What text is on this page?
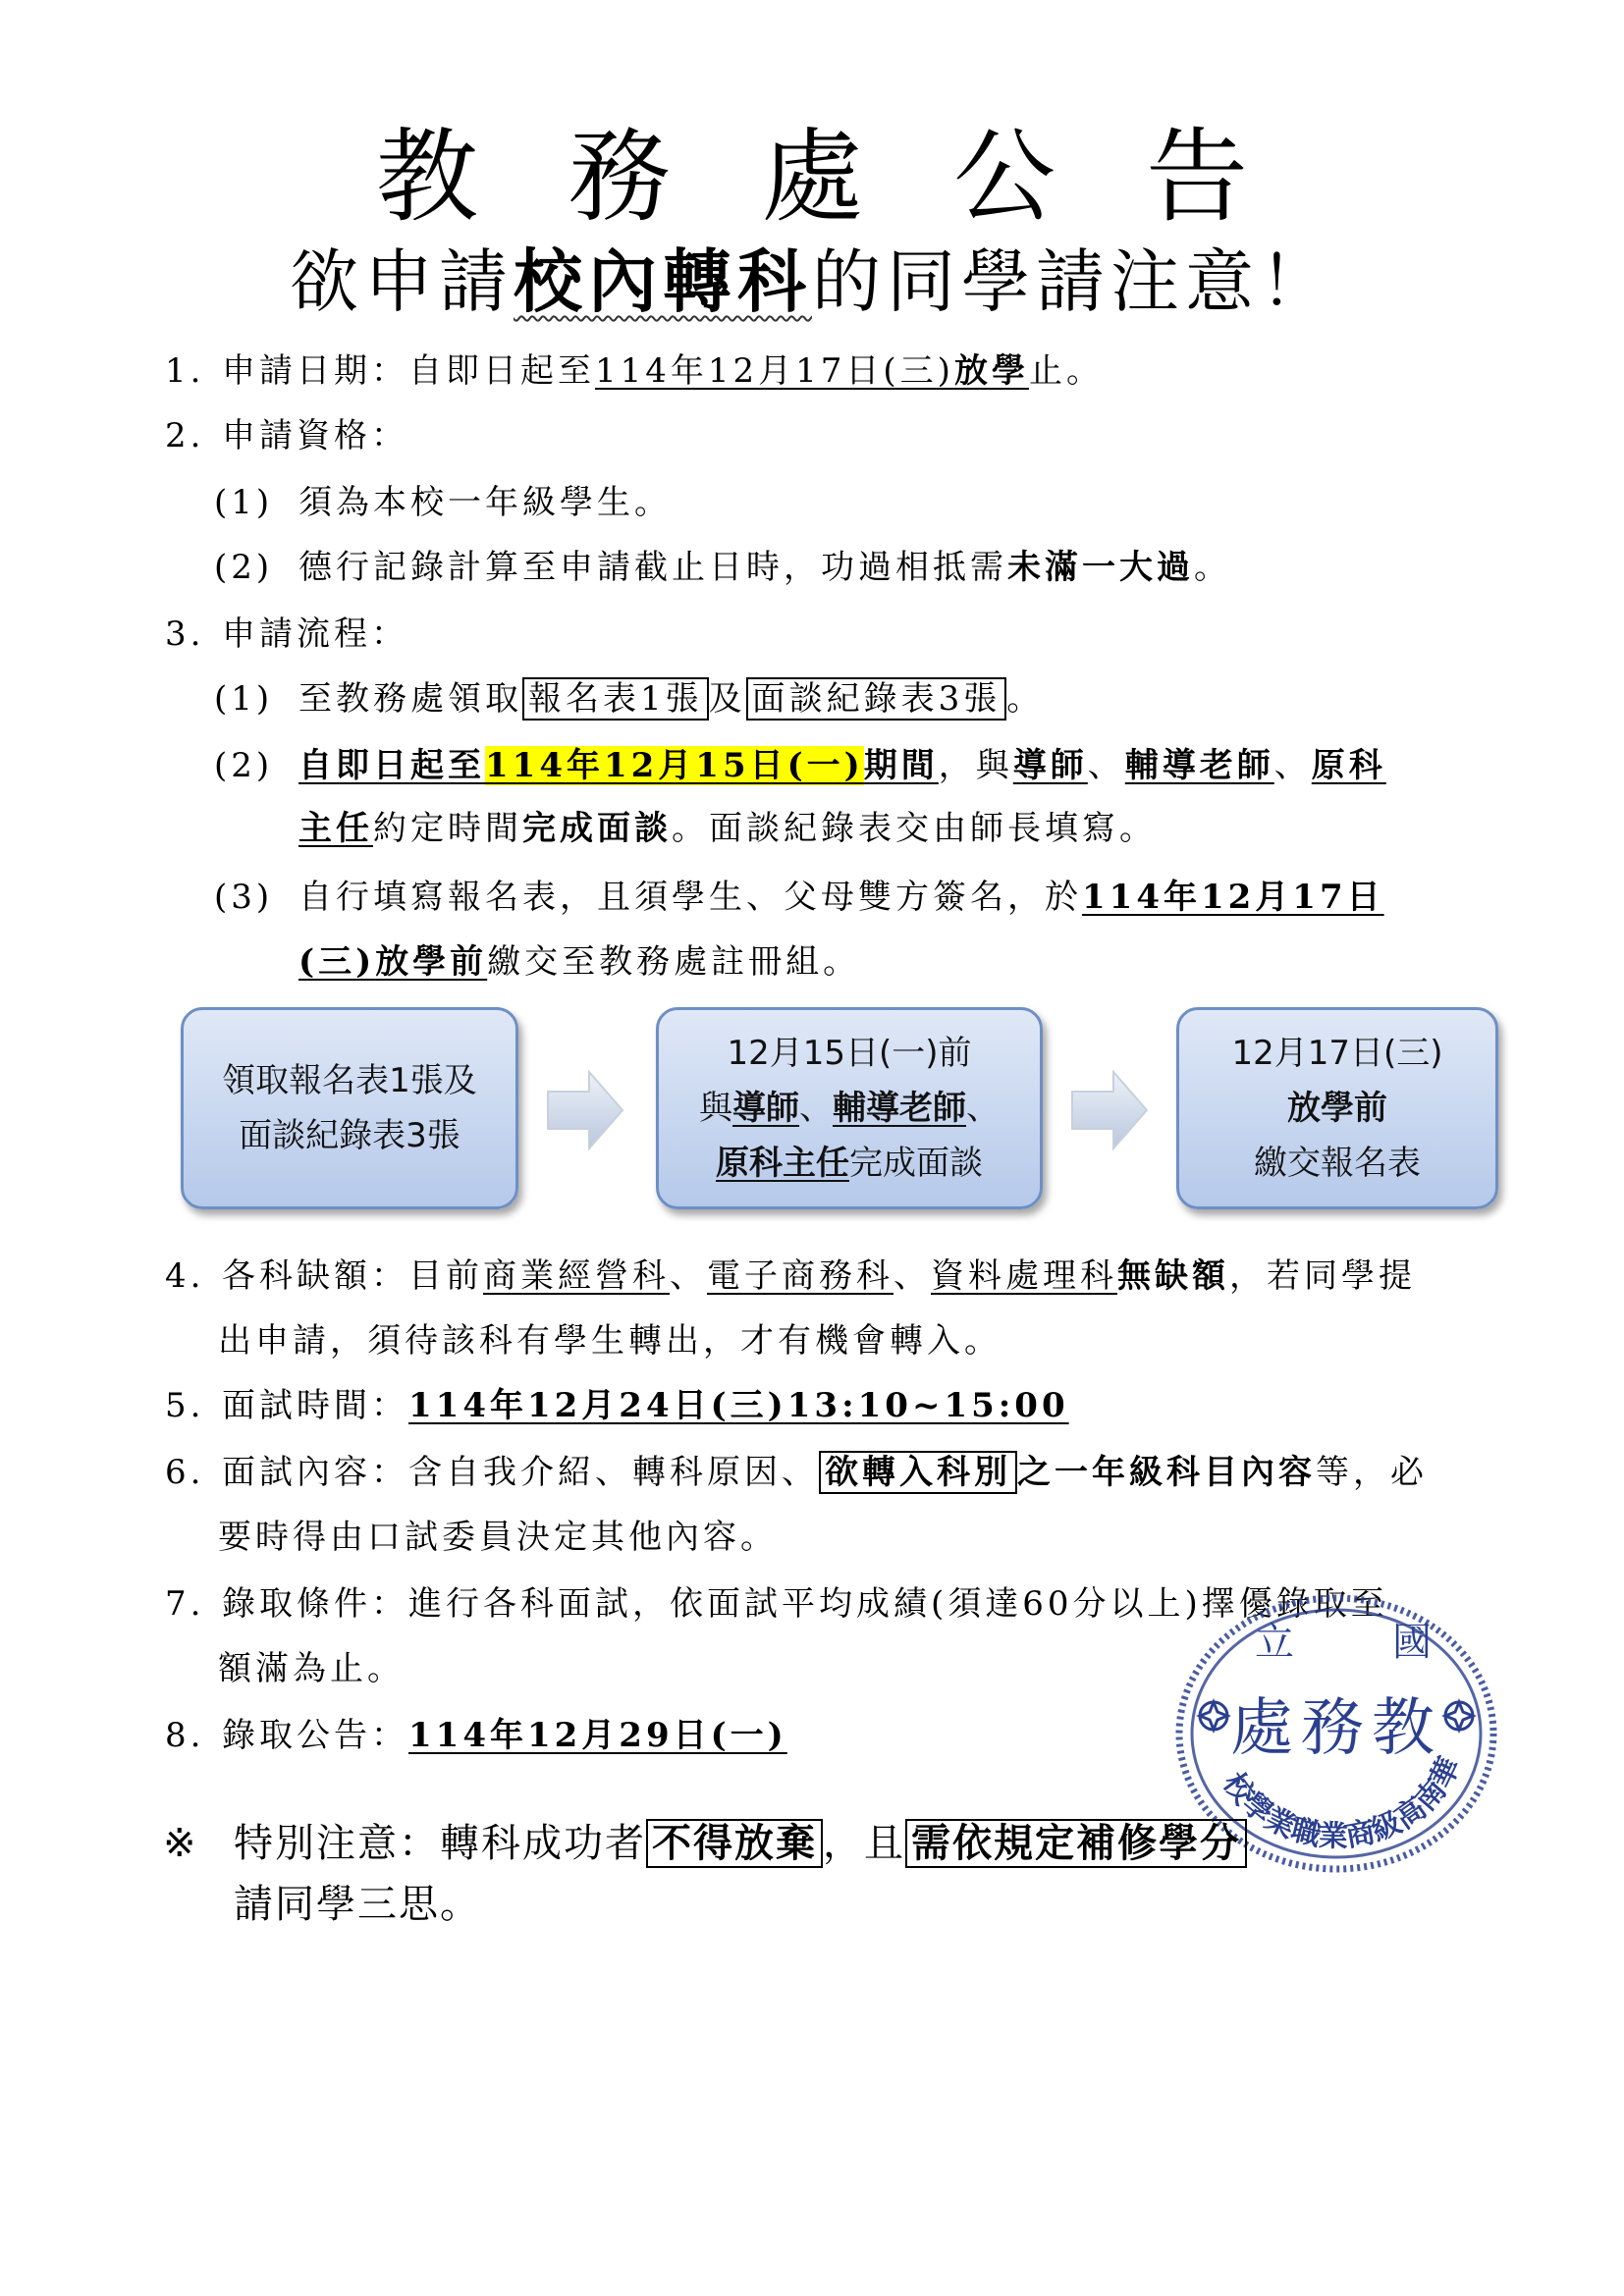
教務處公告
欲申請校內轉科的同學請注意！
1. 申請日期：自即日起至114年12月17日(三)放學止。
2. 申請資格：
(1) 須為本校一年級學生。
(2) 德行記錄計算至申請截止日時，功過相抵需未滿一大過。
3. 申請流程：
(1) 至教務處領取 報名表1張 及 面談紀錄表3張 。
(2) 自即日起至114年12月15日(一)期間，與導師、輔導老師、原科
主任約定時間完成面談。面談紀錄表交由師長填寫。
(3) 自行填寫報名表，且須學生、父母雙方簽名，於114年12月17日
(三)放學前繳交至教務處註冊組。
領取報名表1張及
面談紀錄表3張
12月15日(一)前
與導師、輔導老師、
原科主任完成面談
12月17日(三)
放學前
繳交報名表
4. 各科缺額：目前商業經營科、電子商務科、資料處理科無缺額，若同學提
出申請，須待該科有學生轉出，才有機會轉入。
5. 面試時間：114年12月24日(三)13:10~15:00
6. 面試內容：含自我介紹、轉科原因、 欲轉入科別 之一年級科目內容等，必
要時得由口試委員決定其他內容。
7. 錄取條件：進行各科面試，依面試平均成績(須達60分以上)擇優錄取至
額滿為止。
8. 錄取公告：114年12月29日(一)
立	國
處務教
校學業職業商級高南華
※ 特別注意：轉科成功者 不得放棄 ，且 需依規定補修學分
請同學三思。
